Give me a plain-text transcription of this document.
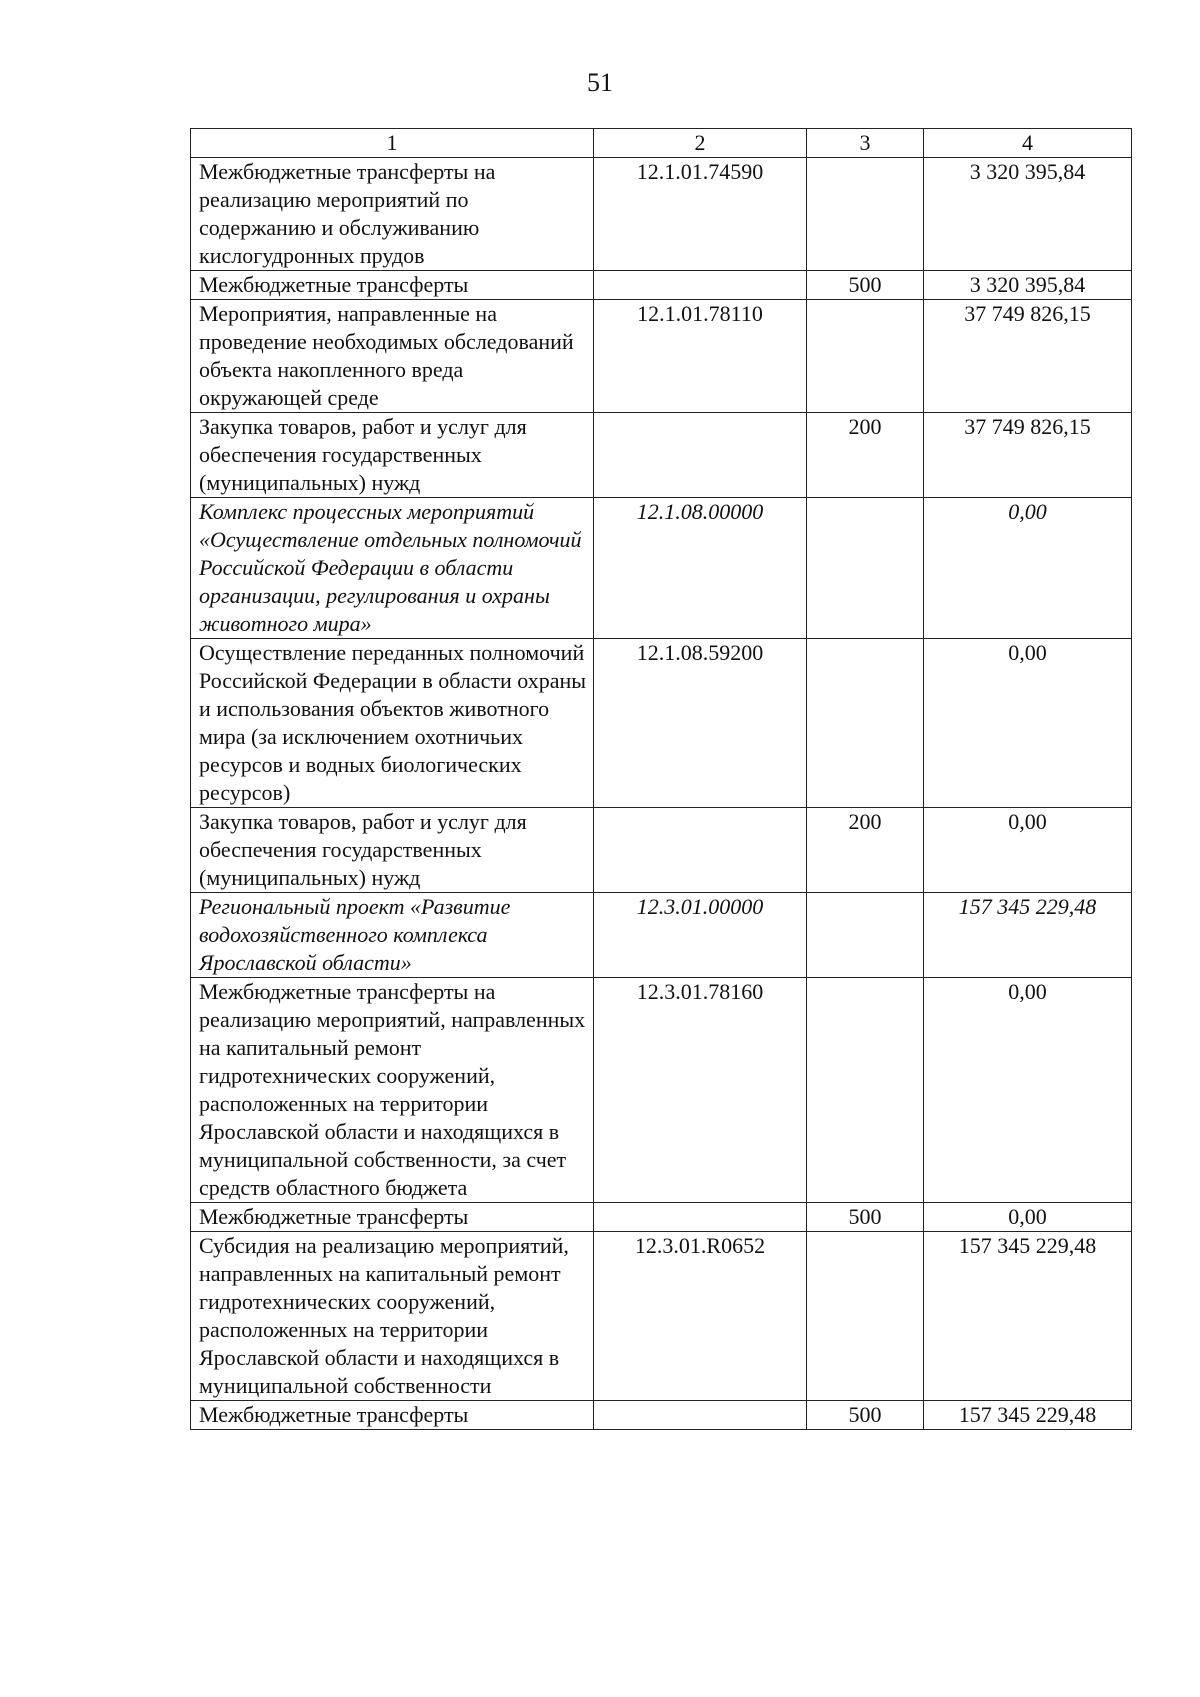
51
1	2	3	4
Межбюджетные трансферты на реализацию мероприятий по содержанию и обслуживанию кислогудронных прудов	12.1.01.74590		3 320 395,84
Межбюджетные трансферты		500	3 320 395,84
Мероприятия, направленные на проведение необходимых обследований объекта накопленного вреда окружающей среде	12.1.01.78110		37 749 826,15
Закупка товаров, работ и услуг для обеспечения государственных (муниципальных) нужд		200	37 749 826,15
Комплекс процессных мероприятий «Осуществление отдельных полномочий Российской Федерации в области организации, регулирования и охраны животного мира»	12.1.08.00000		0,00
Осуществление переданных полномочий Российской Федерации в области охраны и использования объектов животного мира (за исключением охотничьих ресурсов и водных биологических ресурсов)	12.1.08.59200		0,00
Закупка товаров, работ и услуг для обеспечения государственных (муниципальных) нужд		200	0,00
Региональный проект «Развитие водохозяйственного комплекса Ярославской области»	12.3.01.00000		157 345 229,48
Межбюджетные трансферты на реализацию мероприятий, направленных на капитальный ремонт гидротехнических сооружений, расположенных на территории Ярославской области и находящихся в муниципальной собственности, за счет средств областного бюджета	12.3.01.78160		0,00
Межбюджетные трансферты		500	0,00
Субсидия на реализацию мероприятий, направленных на капитальный ремонт гидротехнических сооружений, расположенных на территории Ярославской области и находящихся в муниципальной собственности	12.3.01.R0652		157 345 229,48
Межбюджетные трансферты		500	157 345 229,48
